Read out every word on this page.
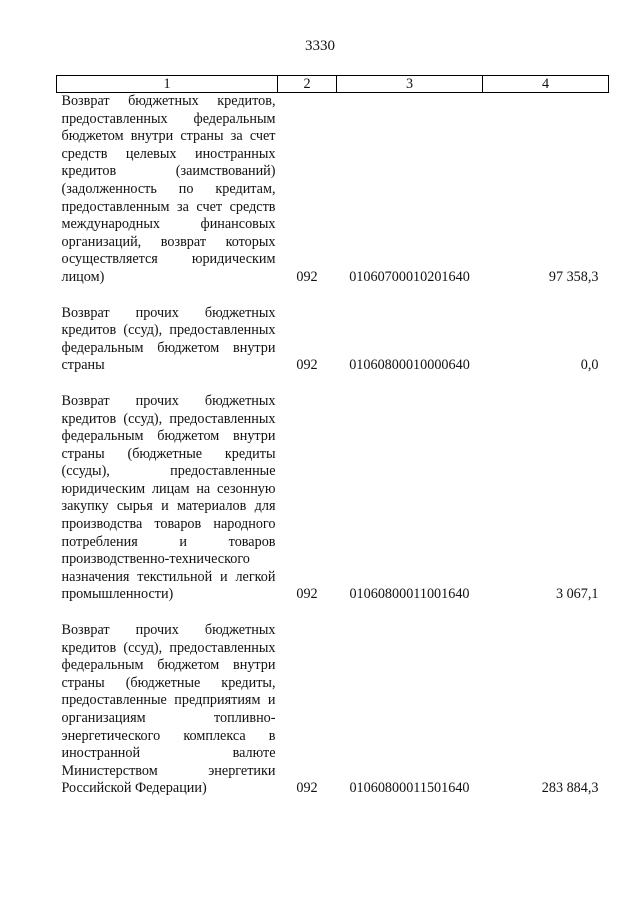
3330
1	2	3	4
Возврат бюджетных кредитов, предоставленных федеральным бюджетом внутри страны за счет средств целевых иностранных кредитов (заимствований) (задолженность по кредитам, предоставленным за счет средств международных финансовых организаций, возврат которых осуществляется юридическим лицом)	092	01060700010201640	97 358,3
Возврат прочих бюджетных кредитов (ссуд), предоставленных федеральным бюджетом внутри страны	092	01060800010000640	0,0
Возврат прочих бюджетных кредитов (ссуд), предоставленных федеральным бюджетом внутри страны (бюджетные кредиты (ссуды), предоставленные юридическим лицам на сезонную закупку сырья и материалов для производства товаров народного потребления и товаров производственно-технического назначения текстильной и легкой промышленности)	092	01060800011001640	3 067,1
Возврат прочих бюджетных кредитов (ссуд), предоставленных федеральным бюджетом внутри страны (бюджетные кредиты, предоставленные предприятиям и организациям топливно-энергетического комплекса в иностранной валюте Министерством энергетики Российской Федерации)	092	01060800011501640	283 884,3
